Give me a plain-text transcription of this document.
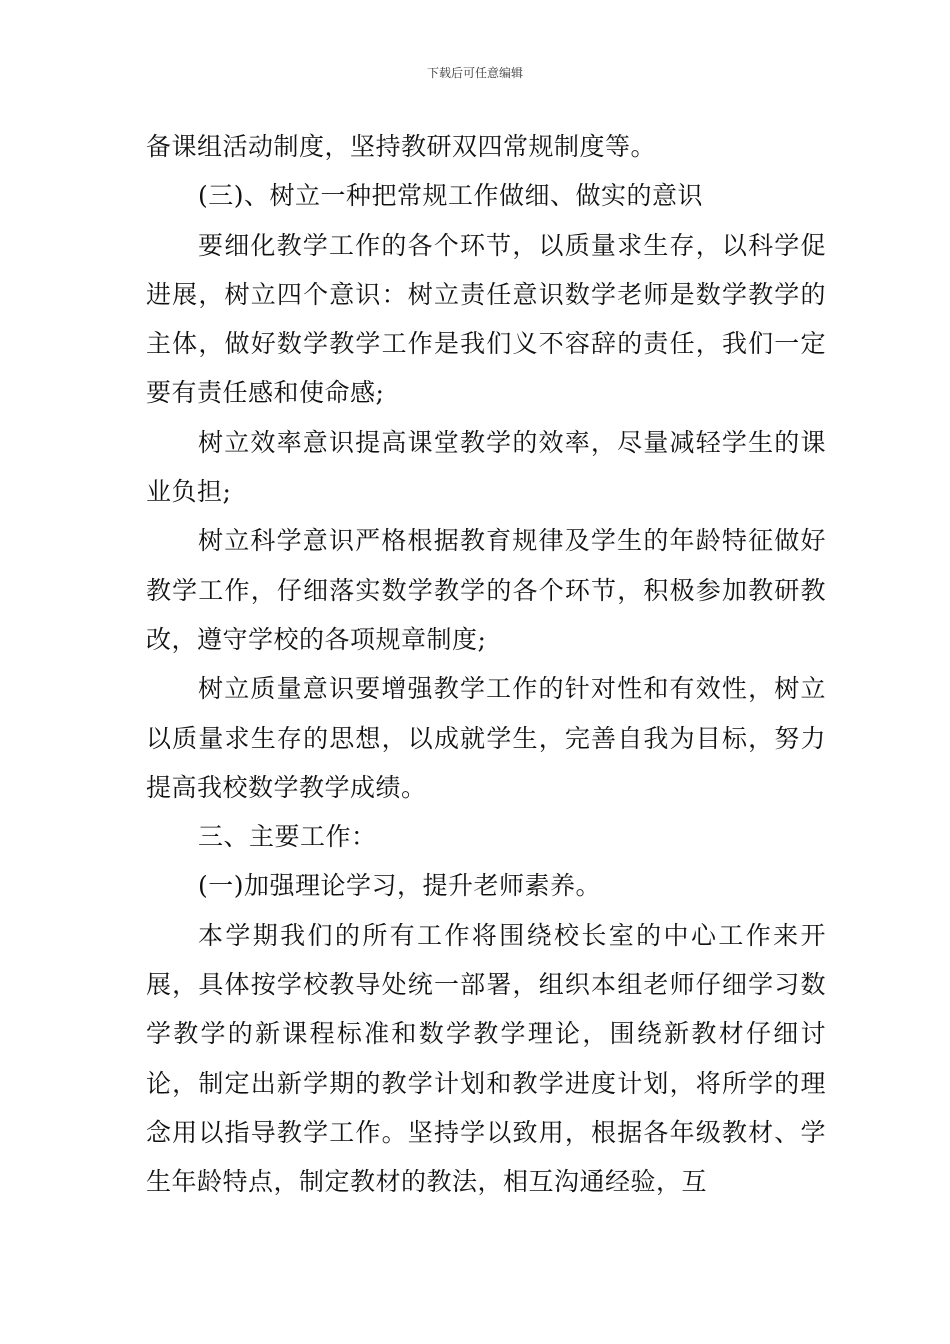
下载后可任意编辑

备课组活动制度，坚持教研双四常规制度等。

(三)、树立一种把常规工作做细、做实的意识

要细化教学工作的各个环节，以质量求生存，以科学促进展，树立四个意识：树立责任意识数学老师是数学教学的主体，做好数学教学工作是我们义不容辞的责任，我们一定要有责任感和使命感;

树立效率意识提高课堂教学的效率，尽量减轻学生的课业负担;

树立科学意识严格根据教育规律及学生的年龄特征做好教学工作，仔细落实数学教学的各个环节，积极参加教研教改，遵守学校的各项规章制度;

树立质量意识要增强教学工作的针对性和有效性，树立以质量求生存的思想，以成就学生，完善自我为目标，努力提高我校数学教学成绩。

三、主要工作：

(一)加强理论学习，提升老师素养。

本学期我们的所有工作将围绕校长室的中心工作来开展，具体按学校教导处统一部署，组织本组老师仔细学习数学教学的新课程标准和数学教学理论，围绕新教材仔细讨论，制定出新学期的教学计划和教学进度计划，将所学的理念用以指导教学工作。坚持学以致用，根据各年级教材、学生年龄特点，制定教材的教法，相互沟通经验，互
